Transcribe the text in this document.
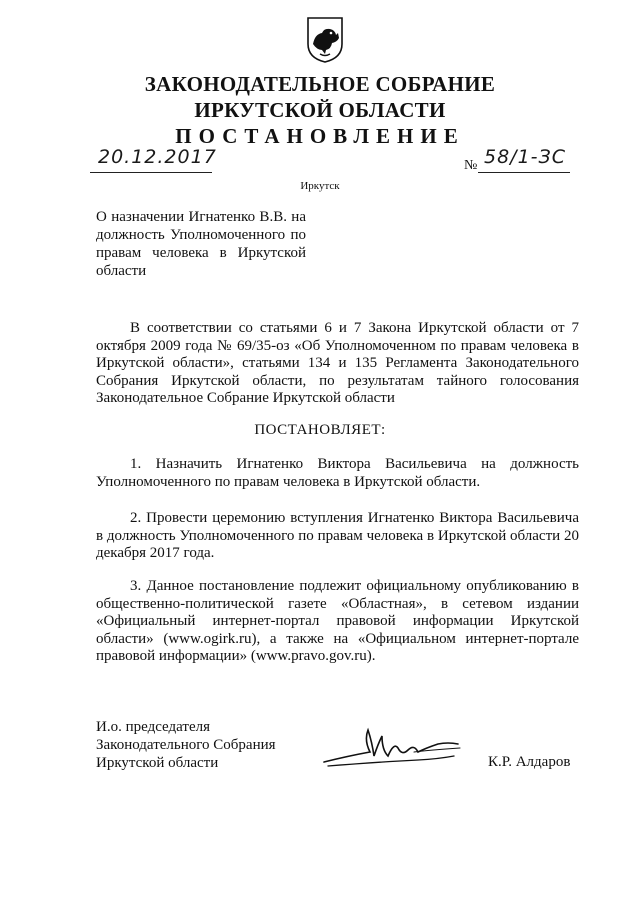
ЗАКОНОДАТЕЛЬНОЕ СОБРАНИЕ
ИРКУТСКОЙ ОБЛАСТИ
ПОСТАНОВЛЕНИЕ
20.12.2017	№ 58/1-ЗС
Иркутск
О назначении Игнатенко В.В. на должность Уполномоченного по правам человека в Иркутской области
В соответствии со статьями 6 и 7 Закона Иркутской области от 7 октября 2009 года № 69/35-оз «Об Уполномоченном по правам человека в Иркутской области», статьями 134 и 135 Регламента Законодательного Собрания Иркутской области, по результатам тайного голосования Законодательное Собрание Иркутской области
ПОСТАНОВЛЯЕТ:
1. Назначить Игнатенко Виктора Васильевича на должность Уполномоченного по правам человека в Иркутской области.
2. Провести церемонию вступления Игнатенко Виктора Васильевича в должность Уполномоченного по правам человека в Иркутской области 20 декабря 2017 года.
3. Данное постановление подлежит официальному опубликованию в общественно-политической газете «Областная», в сетевом издании «Официальный интернет-портал правовой информации Иркутской области» (www.ogirk.ru), а также на «Официальном интернет-портале правовой информации» (www.pravo.gov.ru).
И.о. председателя
Законодательного Собрания
Иркутской области	К.Р. Алдаров
